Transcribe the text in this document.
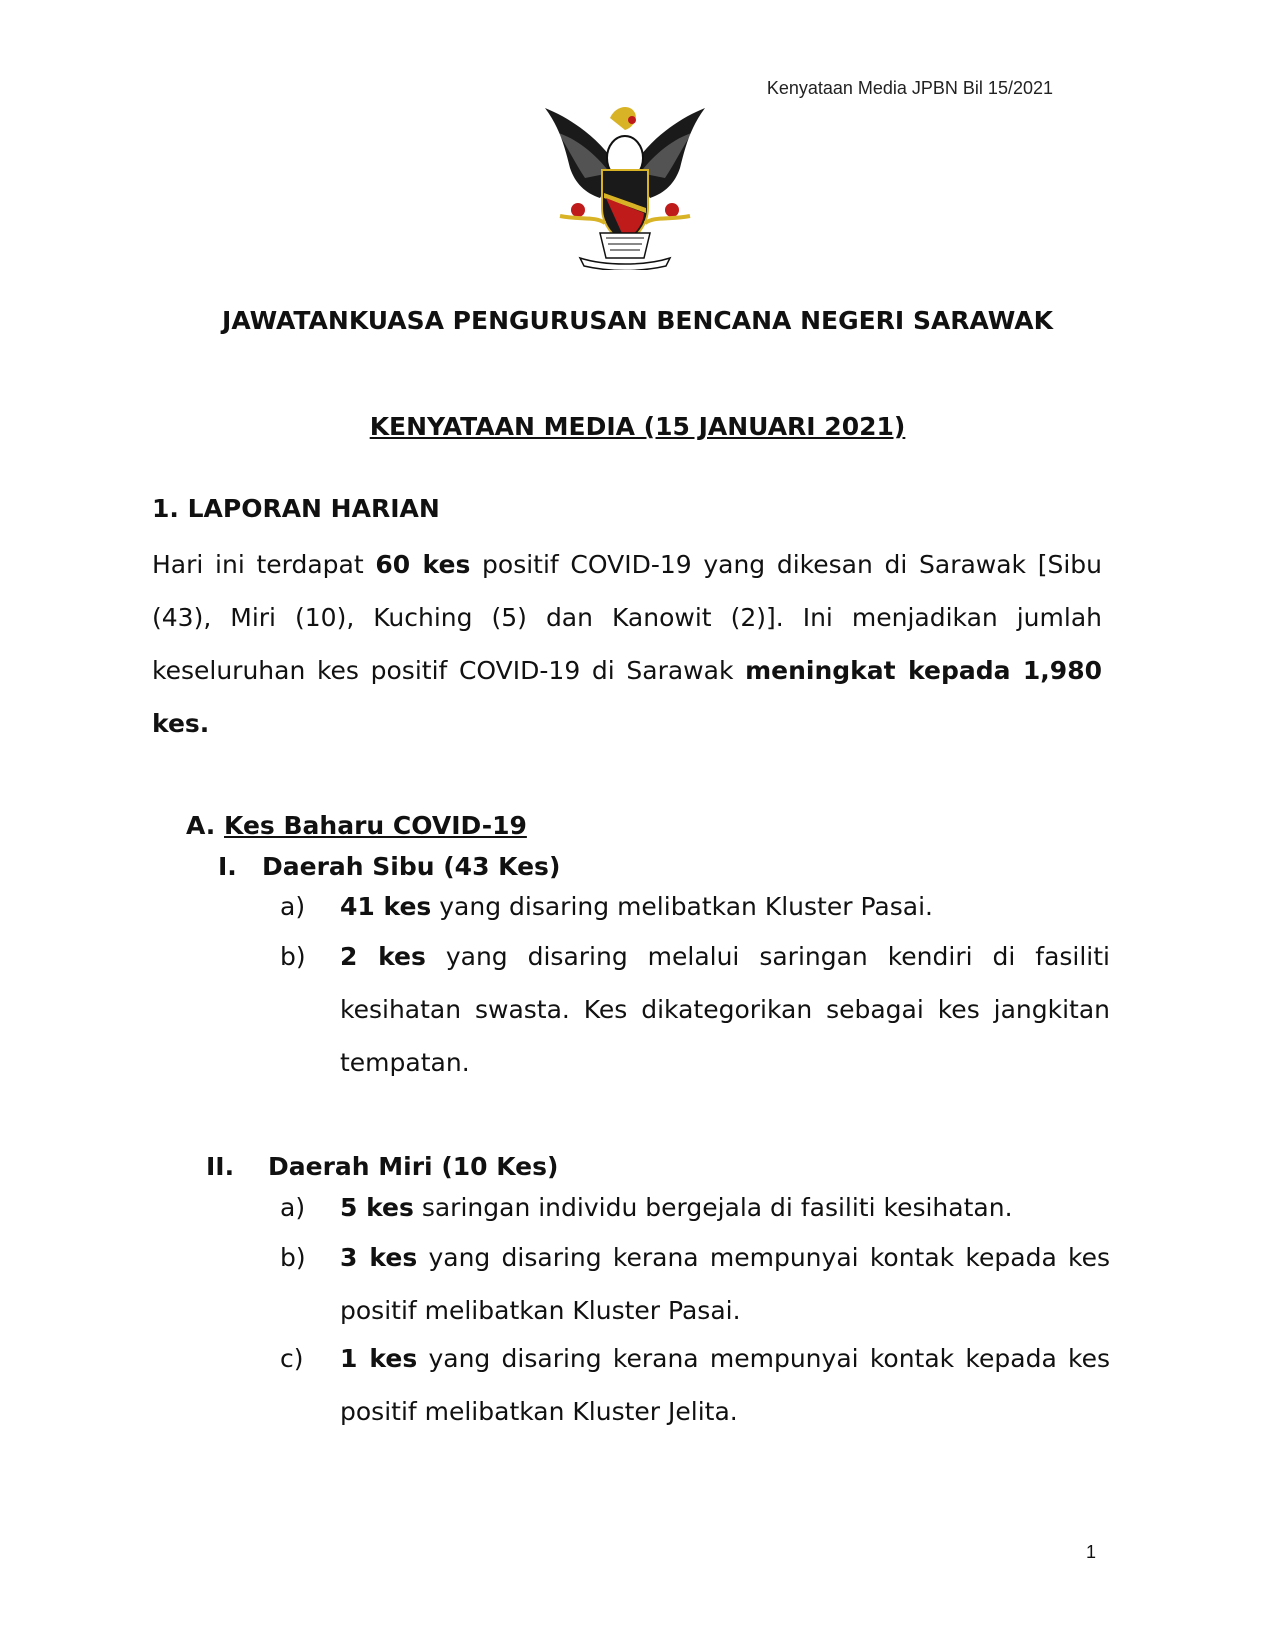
Kenyataan Media JPBN Bil 15/2021
JAWATANKUASA PENGURUSAN BENCANA NEGERI SARAWAK
KENYATAAN MEDIA (15 JANUARI 2021)
1. LAPORAN HARIAN
Hari ini terdapat 60 kes positif COVID-19 yang dikesan di Sarawak [Sibu (43), Miri (10), Kuching (5) dan Kanowit (2)]. Ini menjadikan jumlah keseluruhan kes positif COVID-19 di Sarawak meningkat kepada 1,980 kes.
A. Kes Baharu COVID-19
I. Daerah Sibu (43 Kes)
a) 41 kes yang disaring melibatkan Kluster Pasai.
b) 2 kes yang disaring melalui saringan kendiri di fasiliti kesihatan swasta. Kes dikategorikan sebagai kes jangkitan tempatan.
II. Daerah Miri (10 Kes)
a) 5 kes saringan individu bergejala di fasiliti kesihatan.
b) 3 kes yang disaring kerana mempunyai kontak kepada kes positif melibatkan Kluster Pasai.
c) 1 kes yang disaring kerana mempunyai kontak kepada kes positif melibatkan Kluster Jelita.
1
